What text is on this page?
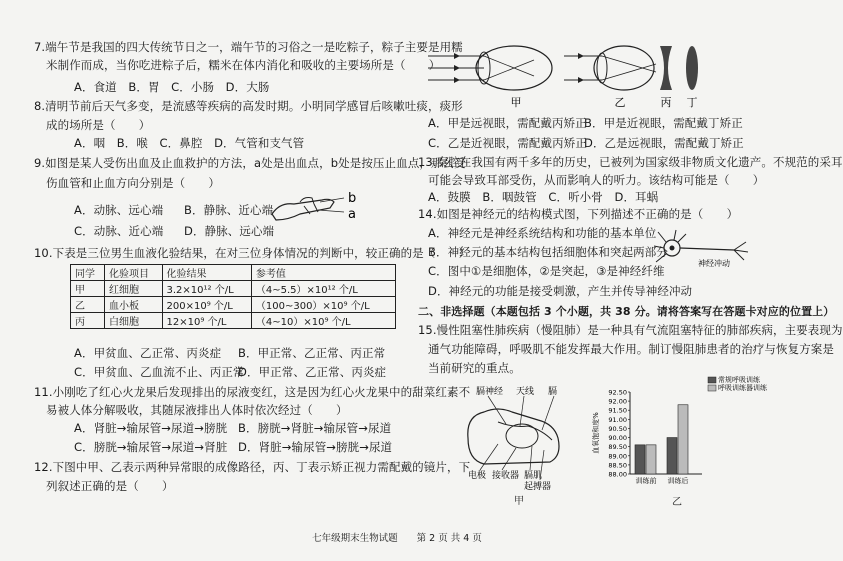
7.端午节是我国的四大传统节日之一，端午节的习俗之一是吃粽子，粽子主要是用糯
米制作而成，当你吃进粽子后，糯米在体内消化和吸收的主要场所是（　　）
A．食道　B．胃　C．小肠　D．大肠
8.清明节前后天气多变，是流感等疾病的高发时期。小明同学感冒后咳嗽吐痰，痰形
成的场所是（　　）
A．咽　B．喉　C．鼻腔　D．气管和支气管
9.如图是某人受伤出血及止血救护的方法，a处是出血点，b处是按压止血点，那么受
伤血管和止血方向分别是（　　）
A．动脉、远心端 B．静脉、近心端
C．动脉、近心端 D．静脉、远心端
b
a
10.下表是三位男生血液化验结果，在对三位身体情况的判断中，较正确的是（　　）
同学	化验项目	化验结果	参考值
甲	红细胞	3.2×10¹² 个/L	（4~5.5）×10¹² 个/L
乙	血小板	200×10⁹ 个/L	（100~300）×10⁹ 个/L
丙	白细胞	12×10⁹ 个/L	（4~10）×10⁹ 个/L
A．甲贫血、乙正常、丙炎症 B．甲正常、乙正常、丙正常
C．甲贫血、乙血流不止、丙正常
D．甲正常、乙正常、丙炎症
11.小刚吃了红心火龙果后发现排出的尿液变红，这是因为红心火龙果中的甜菜红素不
易被人体分解吸收，其随尿液排出人体时依次经过（　　）
A．肾脏→输尿管→尿道→膀胱 B．膀胱→肾脏→输尿管→尿道
C．膀胱→输尿管→尿道→肾脏 D．肾脏→输尿管→膀胱→尿道
12.下图中甲、乙表示两种异常眼的成像路径，丙、丁表示矫正视力需配戴的镜片，下
列叙述正确的是（　　）
甲	乙	丙 丁
A．甲是远视眼，需配戴丙矫正
B．甲是近视眼，需配戴丁矫正
C．乙是近视眼，需配戴丙矫正
D．乙是远视眼，需配戴丁矫正
13.秦腔在我国有两千多年的历史，已被列为国家级非物质文化遗产。不规范的采耳
可能会导致耳部受伤，从而影响人的听力。该结构可能是（　　）
A．鼓膜　B．咽鼓管　C．听小骨　D．耳蜗
14.如图是神经元的结构模式图，下列描述不正确的是（　　）
A．神经元是神经系统结构和功能的基本单位
B．神经元的基本结构包括细胞体和突起两部分
C．图中①是细胞体，②是突起，③是神经纤维
D．神经元的功能是接受刺激，产生并传导神经冲动
神经冲动
二、非选择题（本题包括 3 个小题，共 38 分。请将答案写在答题卡对应的位置上）
15.慢性阻塞性肺疾病（慢阻肺）是一种具有气流阻塞特征的肺部疾病，主要表现为
通气功能障碍，呼吸肌不能发挥最大作用。制订慢阻肺患者的治疗与恢复方案是
当前研究的重点。
膈神经 天线 膈
电极 接收器 膈肌
起搏器
甲
88.00
88.50
89.00
89.50
90.00
90.50
91.00
91.50
92.00
92.50
血氧饱和度%
训练前 训练后
常规呼吸训练
呼吸训练器训练
乙
七年级期末生物试题　　第 2 页 共 4 页
